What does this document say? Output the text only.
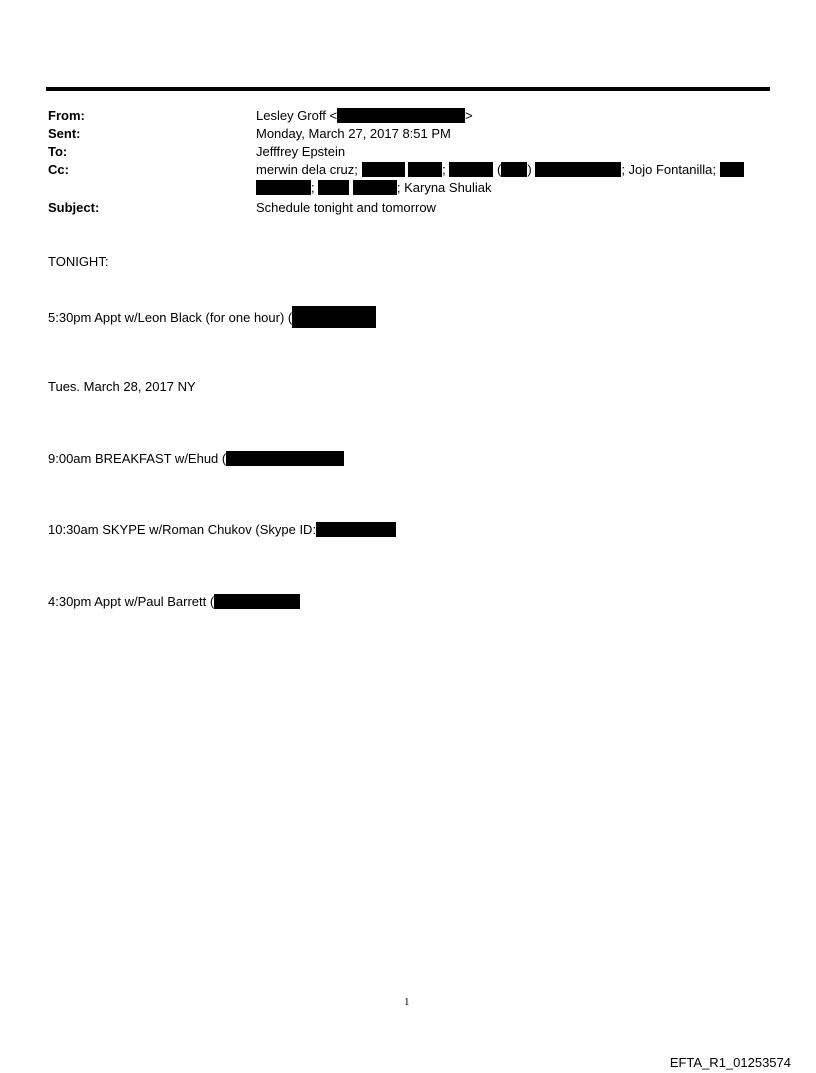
From:	Lesley Groff <	>
Sent:	Monday, March 27, 2017 8:51 PM
To:	Jefffrey Epstein
Cc:	merwin dela cruz;	;	( )	; Jojo Fontanilla;
;	; Karyna Shuliak
Subject:	Schedule tonight and tomorrow
TONIGHT:
5:30pm Appt w/Leon Black (for one hour) (
Tues. March 28, 2017 NY
9:00am BREAKFAST w/Ehud (
10:30am SKYPE w/Roman Chukov (Skype ID:
4:30pm Appt w/Paul Barrett (
1
EFTA_R1_01253574
